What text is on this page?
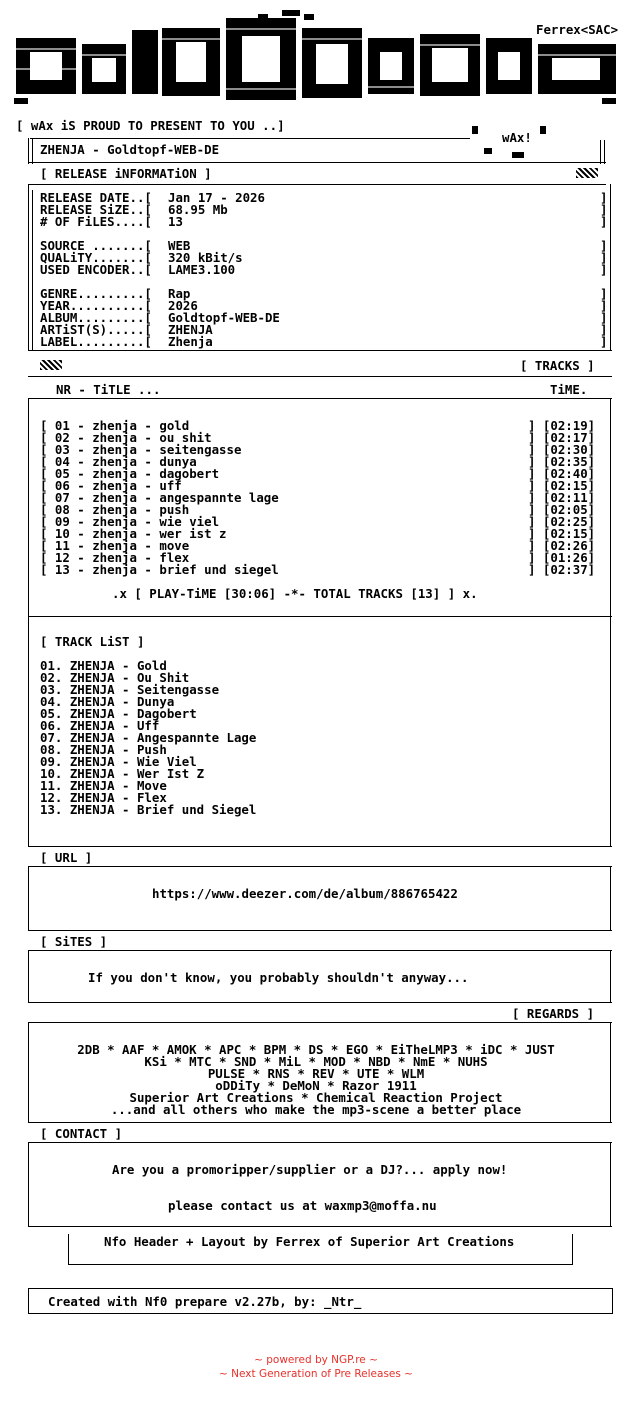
Ferrex<SAC>
[ wAx iS PROUD TO PRESENT TO YOU ..]
wAx!
ZHENJA - Goldtopf-WEB-DE
[ RELEASE iNFORMATiON ]
RELEASE DATE..[ Jan 17 - 2026	]
RELEASE SiZE..[ 68.95 Mb	]
# OF FiLES....[ 13	]
SOURCE .......[ WEB	]
QUALiTY.......[ 320 kBit/s	]
USED ENCODER..[ LAME3.100	]
GENRE.........[ Rap	]
YEAR..........[ 2026	]
ALBUM.........[ Goldtopf-WEB-DE	]
ARTiST(S).....[ ZHENJA	]
LABEL.........[ Zhenja	]
[ TRACKS ]
NR - TiTLE ...	TiME.
[ 01 - zhenja - gold	] [02:19]
[ 02 - zhenja - ou shit	] [02:17]
[ 03 - zhenja - seitengasse	] [02:30]
[ 04 - zhenja - dunya	] [02:35]
[ 05 - zhenja - dagobert	] [02:40]
[ 06 - zhenja - uff	] [02:15]
[ 07 - zhenja - angespannte lage	] [02:11]
[ 08 - zhenja - push	] [02:05]
[ 09 - zhenja - wie viel	] [02:25]
[ 10 - zhenja - wer ist z	] [02:15]
[ 11 - zhenja - move	] [02:26]
[ 12 - zhenja - flex	] [01:26]
[ 13 - zhenja - brief und siegel	] [02:37]
.x [ PLAY-TiME [30:06] -*- TOTAL TRACKS [13] ] x.
[ TRACK LiST ]
01. ZHENJA - Gold
02. ZHENJA - Ou Shit
03. ZHENJA - Seitengasse
04. ZHENJA - Dunya
05. ZHENJA - Dagobert
06. ZHENJA - Uff
07. ZHENJA - Angespannte Lage
08. ZHENJA - Push
09. ZHENJA - Wie Viel
10. ZHENJA - Wer Ist Z
11. ZHENJA - Move
12. ZHENJA - Flex
13. ZHENJA - Brief und Siegel
[ URL ]
https://www.deezer.com/de/album/886765422
[ SiTES ]
If you don't know, you probably shouldn't anyway...
[ REGARDS ]
2DB * AAF * AMOK * APC * BPM * DS * EGO * EiTheLMP3 * iDC * JUST
KSi * MTC * SND * MiL * MOD * NBD * NmE * NUHS
PULSE * RNS * REV * UTE * WLM
oDDiTy * DeMoN * Razor 1911
Superior Art Creations * Chemical Reaction Project
...and all others who make the mp3-scene a better place
[ CONTACT ]
Are you a promoripper/supplier or a DJ?... apply now!
please contact us at waxmp3@moffa.nu
Nfo Header + Layout by Ferrex of Superior Art Creations
Created with Nf0 prepare v2.27b, by: _Ntr_
~ powered by NGP.re ~
~ Next Generation of Pre Releases ~
